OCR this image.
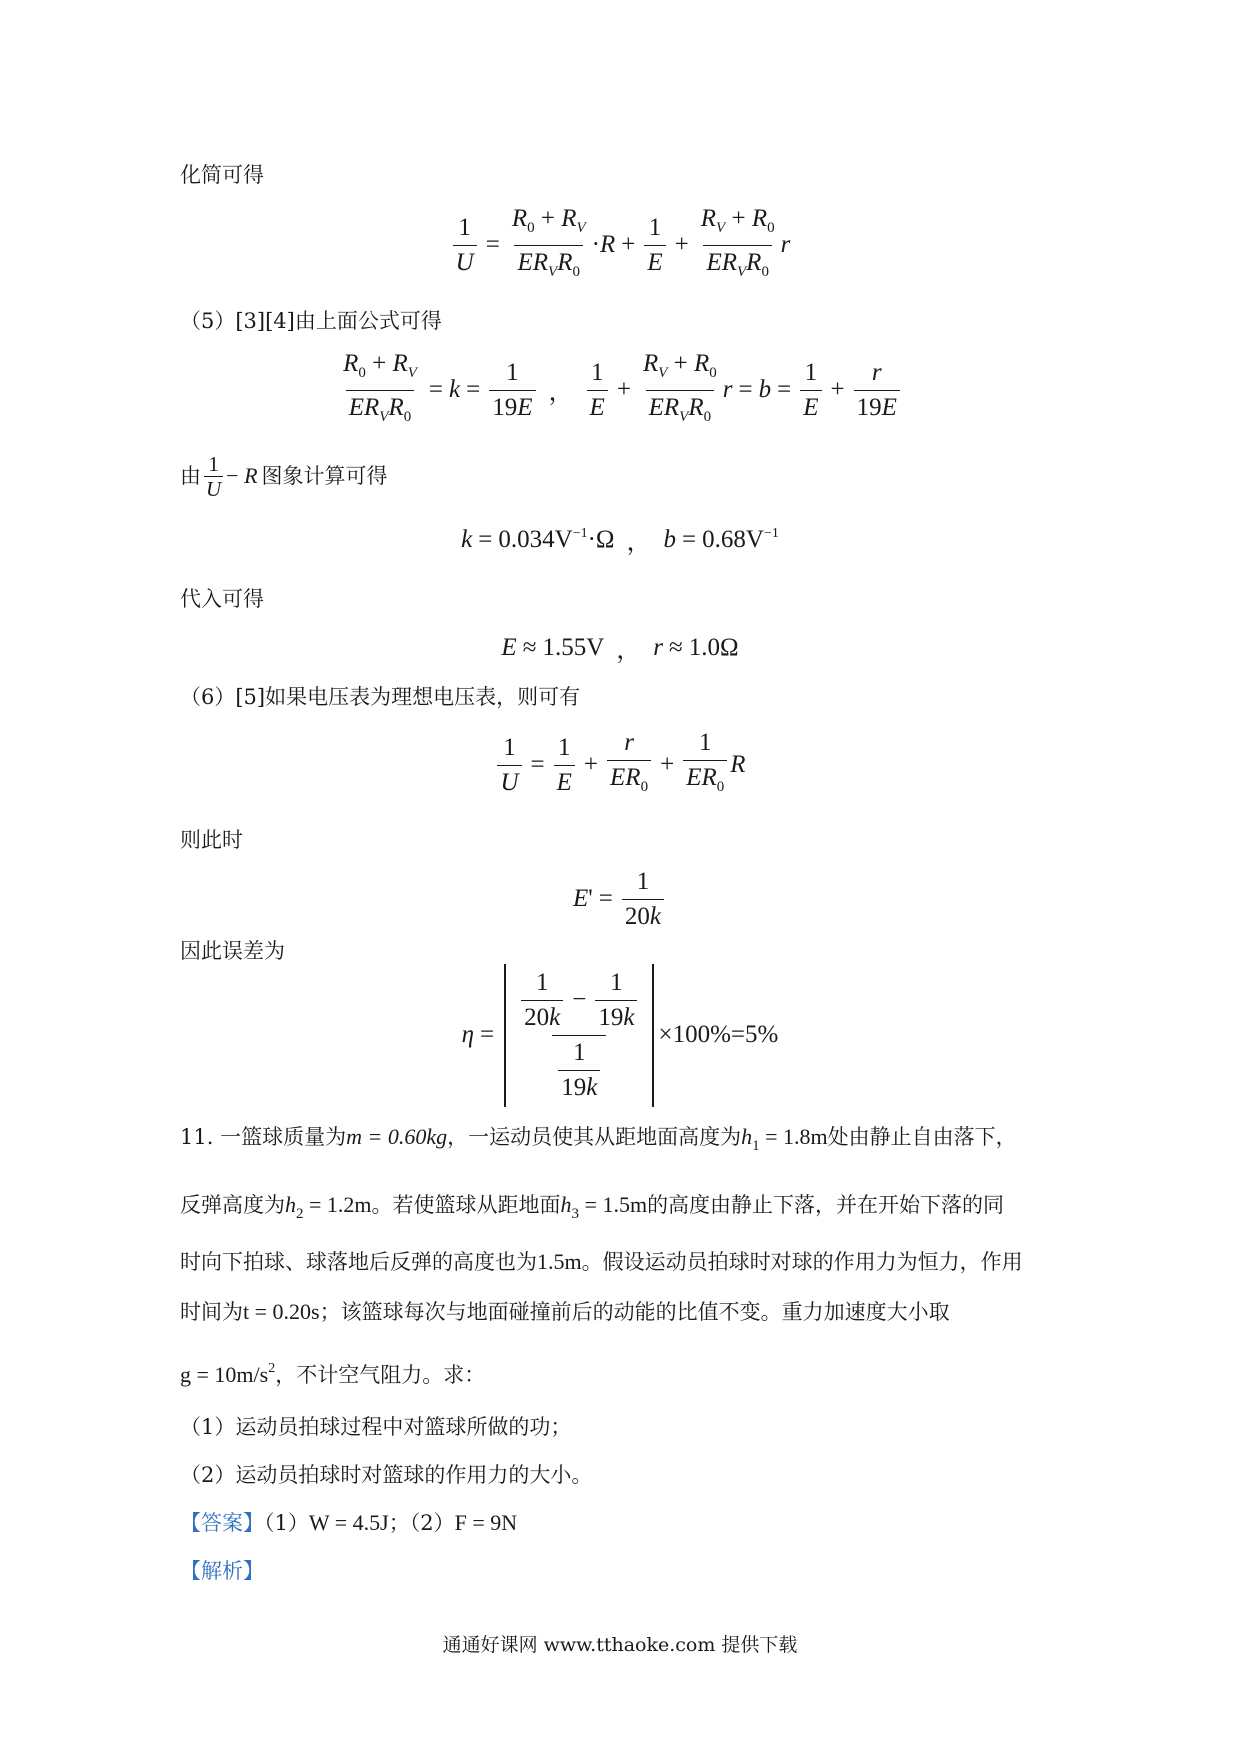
化简可得
$\frac{1}{U} = \frac{R_0 + R_V}{ER_VR_0} \cdot R + \frac{1}{E} + \frac{R_V + R_0}{ER_VR_0}$ r
（5）[3][4]由上面公式可得
$\frac{R_0 + R_V}{ER_VR_0} = k = \frac{1}{19E}$ ， $\frac{1}{E} + \frac{R_V + R_0}{ER_VR_0}$ $r = b = \frac{1}{E} + \frac{r}{19E}$
由 $\frac{1}{U} - R$ 图象计算可得
k = 0.034 $V^{-1}\cdot\Omega$ ， b = 0.68 $V^{-1}$
代入可得
E ≈ 1.55 V ， r ≈ 1.0 Ω
（6）[5]如果电压表为理想电压表，则可有
$\frac{1}{U} = \frac{1}{E} + \frac{r}{ER_0} + \frac{1}{ER_0}$ R
则此时
E ' = $\frac{1}{20k}$
因此误差为
$\eta = \frac{\frac{1}{20k} - \frac{1}{19k}}{\frac{1}{19k}} \times 100\%= 5\%$
11. 一篮球质量为m = 0.60kg，一运动员使其从距地面高度为$h_1 = 1.8m$处由静止自由落下，
反弹高度为$h_2 = 1.2m$。若使篮球从距地面$h_3 = 1.5m$的高度由静止下落，并在开始下落的同
时向下拍球、球落地后反弹的高度也为1.5m。假设运动员拍球时对球的作用力为恒力，作用
时间为t = 0.20s；该篮球每次与地面碰撞前后的动能的比值不变。重力加速度大小取
$g = 10m/s^2$，不计空气阻力。求：
（1）运动员拍球过程中对篮球所做的功；
（2）运动员拍球时对篮球的作用力的大小。
【答案】（1）W = 4.5J；（2）F = 9N
【解析】
通通好课网 www.tthaoke.com 提供下载
